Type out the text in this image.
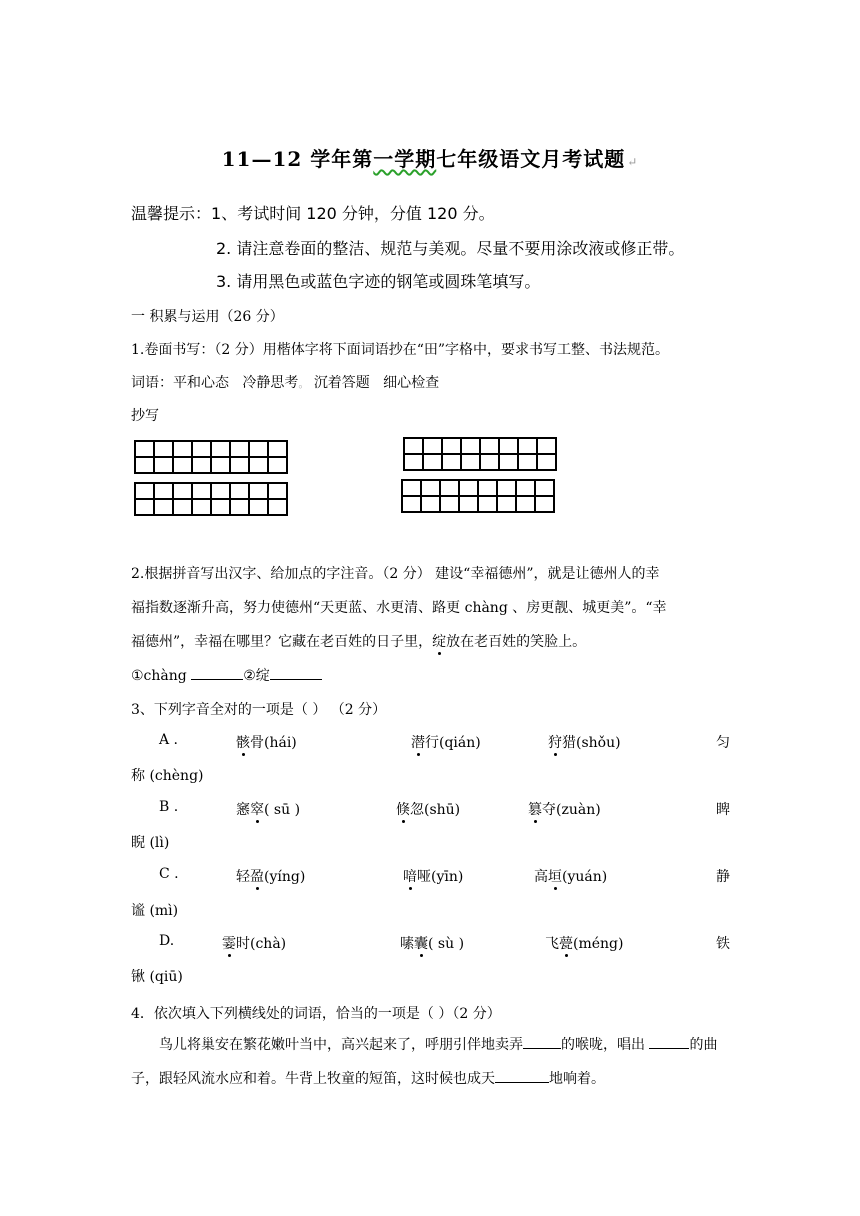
11—12 学年第一学期七年级语文月考试题 ↵
温馨提示：1、考试时间 120 分钟，分值 120 分。
2. 请注意卷面的整洁、规范与美观。尽量不要用涂改液或修正带。
3. 请用黑色或蓝色字迹的钢笔或圆珠笔填写。
一 积累与运用（26 分）
1.卷面书写：（2 分）用楷体字将下面词语抄在“田”字格中，要求书写工整、书法规范。
词语：平和心态 冷静思考。 沉着答题 细心检查
抄写

2.根据拼音写出汉字、给加点的字注音。（2 分） 建设“幸福德州”，就是让德州人的幸
福指数逐渐升高，努力使德州“天更蓝、水更清、路更 chàng 、房更靓、城更美”。“幸
福德州”，幸福在哪里？它藏在老百姓的日子里，绽放在老百姓的笑脸上。
①chàng	②绽
3、下列字音全对的一项是（ ） （2 分）
A .	骸骨(hái)	潜行(qián)	狩猎(shǒu)	匀
称 (chèng)
B .	窸窣( sū )	倏忽(shū)	篡夺(zuàn)	睥
睨 (lì)
C .	轻盈(yíng)	喑哑(yīn)	高垣(yuán)	静
谧 (mì)
D.	霎时(chà)	嗉囊( sù )	飞甍(méng)	铁
锹 (qiū)
4．依次填入下列横线处的词语，恰当的一项是（ ）（2 分）
鸟儿将巢安在繁花嫩叶当中，高兴起来了，呼朋引伴地卖弄	的喉咙，唱出	的曲子，跟轻风流水应和着。牛背上牧童的短笛，这时候也成天	地响着。
